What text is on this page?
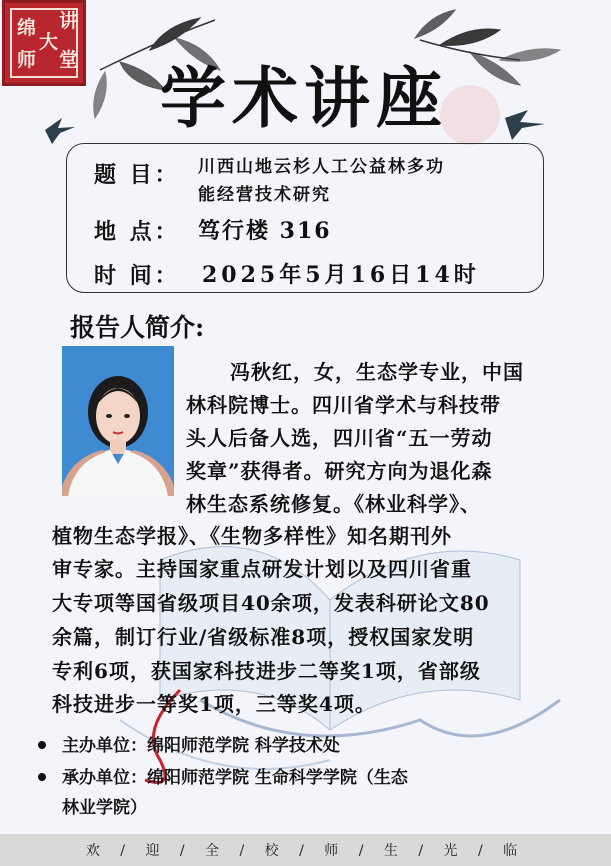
绵 讲
大
师 堂 学术讲座
题 目： 川西山地云杉人工公益林多功
能经营技术研究
地 点： 笃行楼 316
时 间： 2025年5月16日14时
报告人简介:
冯秋红，女，生态学专业，中国
林科院博士。四川省学术与科技带
头人后备人选，四川省“五一劳动
奖章”获得者。研究方向为退化森
林生态系统修复。《林业科学》、
植物生态学报》、《生物多样性》知名期刊外
审专家。主持国家重点研发计划以及四川省重
大专项等国省级项目40余项，发表科研论文80
余篇，制订行业/省级标准8项，授权国家发明
专利6项，获国家科技进步二等奖1项，省部级
科技进步一等奖1项，三等奖4项。
主办单位：绵阳师范学院 科学技术处
承办单位：绵阳师范学院 生命科学学院（生态
林业学院）
欢 / 迎 / 全 / 校 / 师 / 生 / 光 / 临
